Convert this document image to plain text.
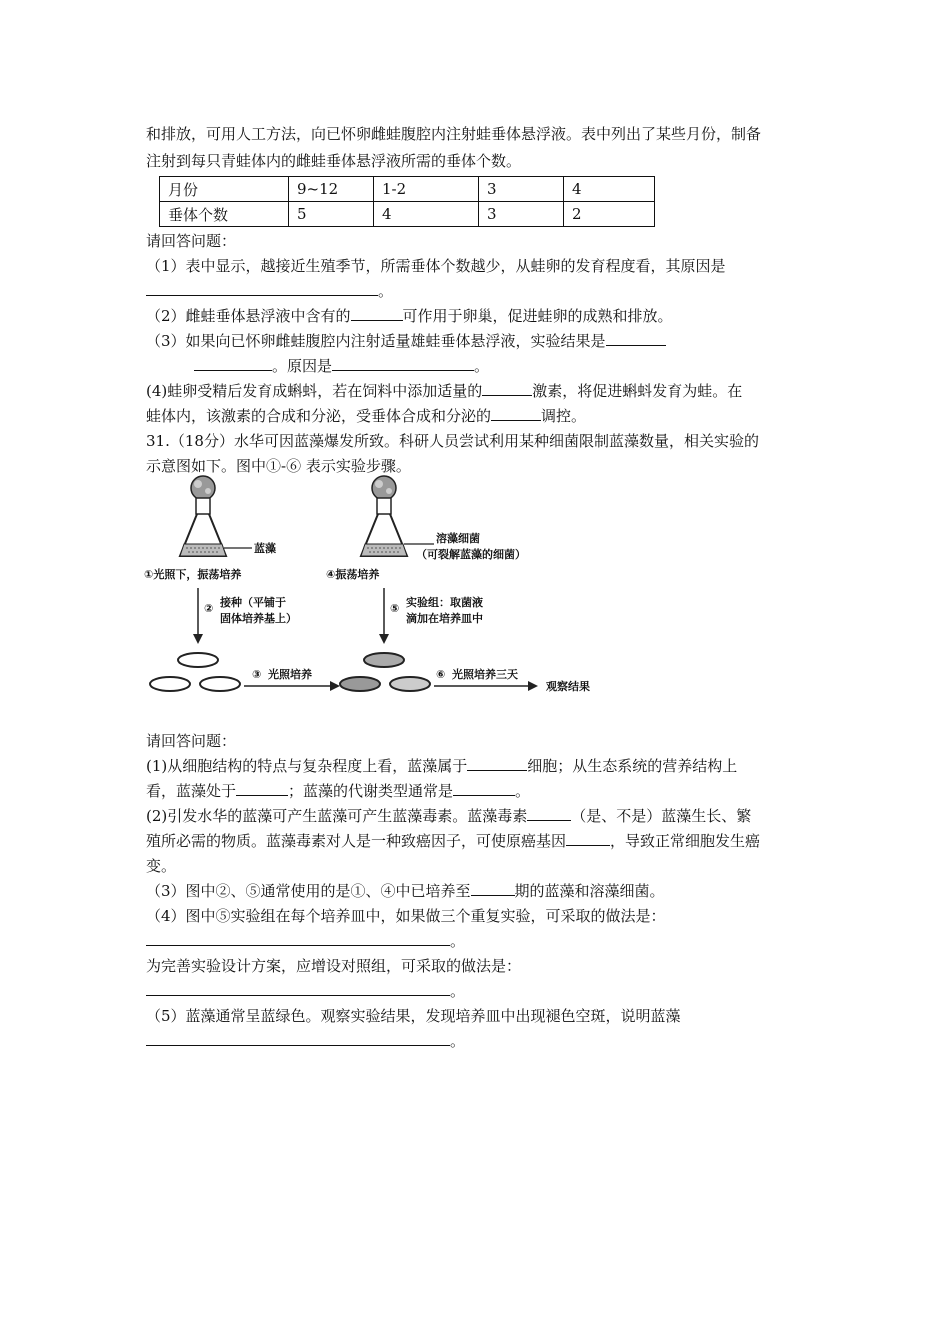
和排放，可用人工方法，向已怀卵雌蛙腹腔内注射蛙垂体悬浮液。表中列出了某些月份，制备
注射到每只青蛙体内的雌蛙垂体悬浮液所需的垂体个数。
月份	9~12	1-2	3	4
垂体个数	5	4	3	2
请回答问题：
（1）表中显示，越接近生殖季节，所需垂体个数越少，从蛙卵的发育程度看，其原因是
。
（2）雌蛙垂体悬浮液中含有的	可作用于卵巢，促进蛙卵的成熟和排放。
（3）如果向已怀卵雌蛙腹腔内注射适量雄蛙垂体悬浮液，实验结果是
。原因是	。
(4)蛙卵受精后发育成蝌蚪，若在饲料中添加适量的	激素，将促进蝌蚪发育为蛙。在
蛙体内，该激素的合成和分泌，受垂体合成和分泌的	调控。
31.（18分）水华可因蓝藻爆发所致。科研人员尝试利用某种细菌限制蓝藻数量，相关实验的
示意图如下。图中①-⑥ 表示实验步骤。
蓝藻
①光照下，振荡培养
溶藻细菌
（可裂解蓝藻的细菌）
④振荡培养
② 接种（平铺于
固体培养基上）
⑤ 实验组：取菌液
滴加在培养皿中
③ 光照培养	⑥ 光照培养三天
观察结果
请回答问题：
(1)从细胞结构的特点与复杂程度上看，蓝藻属于	细胞；从生态系统的营养结构上
看，蓝藻处于	；蓝藻的代谢类型通常是	。
(2)引发水华的蓝藻可产生蓝藻可产生蓝藻毒素。蓝藻毒素	（是、不是）蓝藻生长、繁
殖所必需的物质。蓝藻毒素对人是一种致癌因子，可使原癌基因	，导致正常细胞发生癌
变。
（3）图中②、⑤通常使用的是①、④中已培养至	期的蓝藻和溶藻细菌。
（4）图中⑤实验组在每个培养皿中，如果做三个重复实验，可采取的做法是：
。
为完善实验设计方案，应增设对照组，可采取的做法是：
。
（5）蓝藻通常呈蓝绿色。观察实验结果，发现培养皿中出现褪色空斑，说明蓝藻
。
